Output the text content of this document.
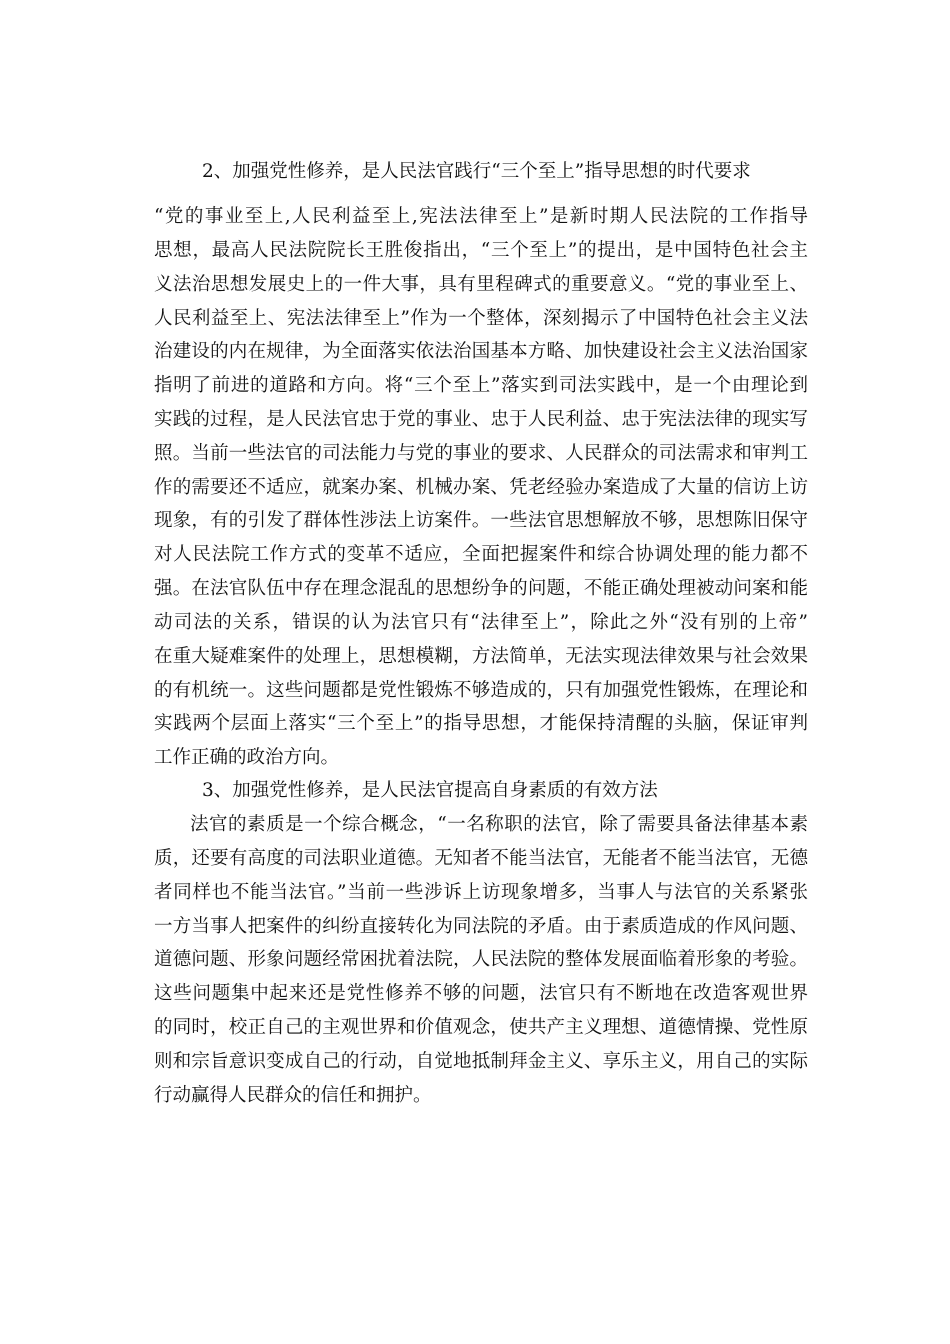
2、加强党性修养，是人民法官践行“三个至上”指导思想的时代要求
“党的事业至上,人民利益至上,宪法法律至上”是新时期人民法院的工作指导
思想，最高人民法院院长王胜俊指出，“三个至上”的提出，是中国特色社会主
义法治思想发展史上的一件大事，具有里程碑式的重要意义。“党的事业至上、
人民利益至上、宪法法律至上”作为一个整体，深刻揭示了中国特色社会主义法
治建设的内在规律，为全面落实依法治国基本方略、加快建设社会主义法治国家
指明了前进的道路和方向。将“三个至上”落实到司法实践中，是一个由理论到
实践的过程，是人民法官忠于党的事业、忠于人民利益、忠于宪法法律的现实写
照。当前一些法官的司法能力与党的事业的要求、人民群众的司法需求和审判工
作的需要还不适应，就案办案、机械办案、凭老经验办案造成了大量的信访上访
现象，有的引发了群体性涉法上访案件。一些法官思想解放不够，思想陈旧保守
对人民法院工作方式的变革不适应，全面把握案件和综合协调处理的能力都不
强。在法官队伍中存在理念混乱的思想纷争的问题，不能正确处理被动问案和能
动司法的关系，错误的认为法官只有“法律至上”，除此之外“没有别的上帝”
在重大疑难案件的处理上，思想模糊，方法简单，无法实现法律效果与社会效果
的有机统一。这些问题都是党性锻炼不够造成的，只有加强党性锻炼，在理论和
实践两个层面上落实“三个至上”的指导思想，才能保持清醒的头脑，保证审判
工作正确的政治方向。
3、加强党性修养，是人民法官提高自身素质的有效方法
法官的素质是一个综合概念，“一名称职的法官，除了需要具备法律基本素
质，还要有高度的司法职业道德。无知者不能当法官，无能者不能当法官，无德
者同样也不能当法官。”当前一些涉诉上访现象增多，当事人与法官的关系紧张
一方当事人把案件的纠纷直接转化为同法院的矛盾。由于素质造成的作风问题、
道德问题、形象问题经常困扰着法院，人民法院的整体发展面临着形象的考验。
这些问题集中起来还是党性修养不够的问题，法官只有不断地在改造客观世界
的同时，校正自己的主观世界和价值观念，使共产主义理想、道德情操、党性原
则和宗旨意识变成自己的行动，自觉地抵制拜金主义、享乐主义，用自己的实际
行动赢得人民群众的信任和拥护。
